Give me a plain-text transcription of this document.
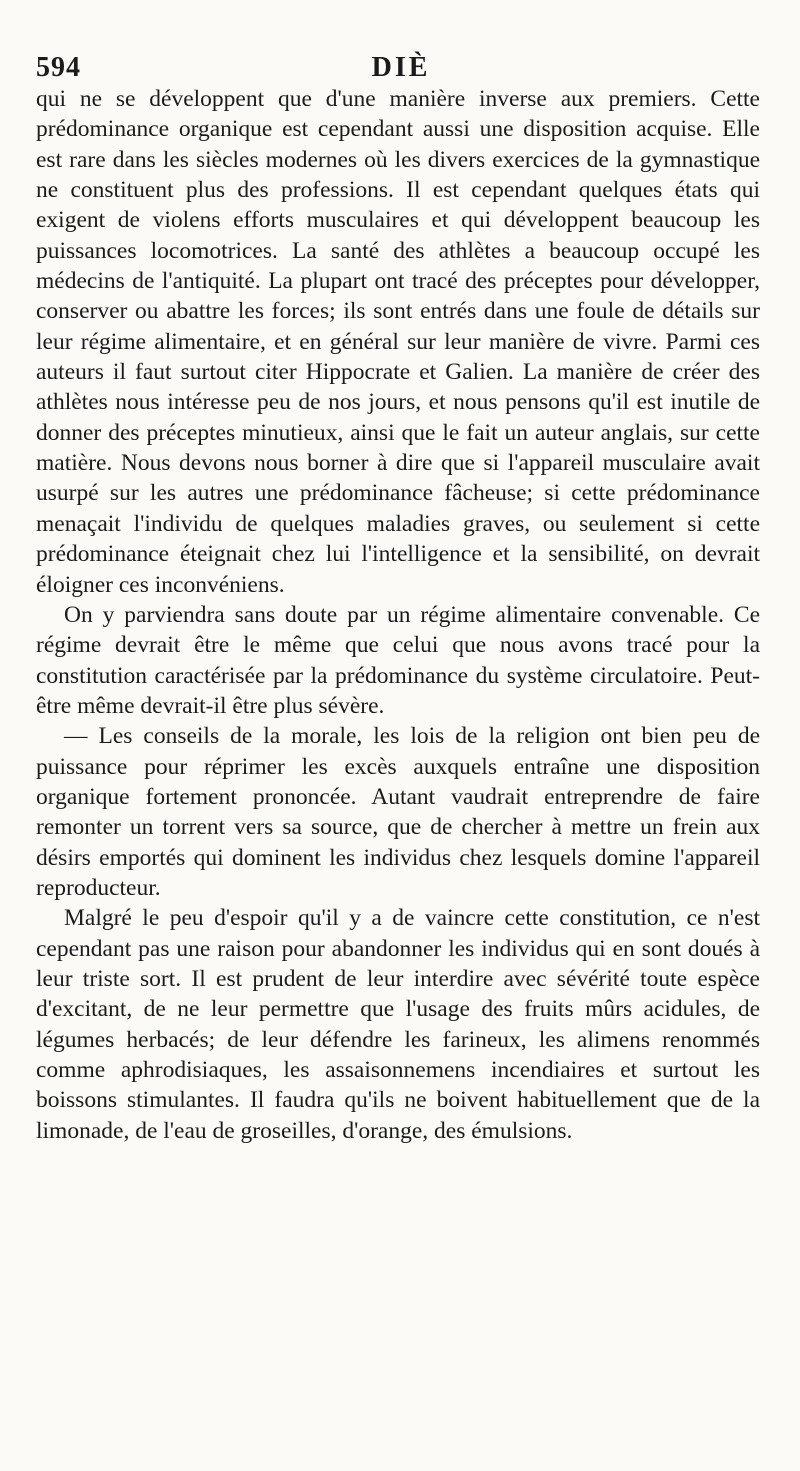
594	DIÈ

qui ne se développent que d'une manière inverse aux premiers. Cette prédominance organique est cependant aussi une disposition acquise. Elle est rare dans les siècles modernes où les divers exercices de la gymnastique ne constituent plus des professions. Il est cependant quelques états qui exigent de violens efforts musculaires et qui développent beaucoup les puissances locomotrices. La santé des athlètes a beaucoup occupé les médecins de l'antiquité. La plupart ont tracé des préceptes pour développer, conserver ou abattre les forces; ils sont entrés dans une foule de détails sur leur régime alimentaire, et en général sur leur manière de vivre. Parmi ces auteurs il faut surtout citer Hippocrate et Galien. La manière de créer des athlètes nous intéresse peu de nos jours, et nous pensons qu'il est inutile de donner des préceptes minutieux, ainsi que le fait un auteur anglais, sur cette matière. Nous devons nous borner à dire que si l'appareil musculaire avait usurpé sur les autres une prédominance fâcheuse; si cette prédominance menaçait l'individu de quelques maladies graves, ou seulement si cette prédominance éteignait chez lui l'intelligence et la sensibilité, on devrait éloigner ces inconvéniens.

On y parviendra sans doute par un régime alimentaire convenable. Ce régime devrait être le même que celui que nous avons tracé pour la constitution caractérisée par la prédominance du système circulatoire. Peut-être même devrait-il être plus sévère.

— Les conseils de la morale, les lois de la religion ont bien peu de puissance pour réprimer les excès auxquels entraîne une disposition organique fortement prononcée. Autant vaudrait entreprendre de faire remonter un torrent vers sa source, que de chercher à mettre un frein aux désirs emportés qui dominent les individus chez lesquels domine l'appareil reproducteur.

Malgré le peu d'espoir qu'il y a de vaincre cette constitution, ce n'est cependant pas une raison pour abandonner les individus qui en sont doués à leur triste sort. Il est prudent de leur interdire avec sévérité toute espèce d'excitant, de ne leur permettre que l'usage des fruits mûrs acidules, de légumes herbacés; de leur défendre les farineux, les alimens renommés comme aphrodisiaques, les assaisonnemens incendiaires et surtout les boissons stimulantes. Il faudra qu'ils ne boivent habituellement que de la limonade, de l'eau de groseilles, d'orange, des émulsions.
